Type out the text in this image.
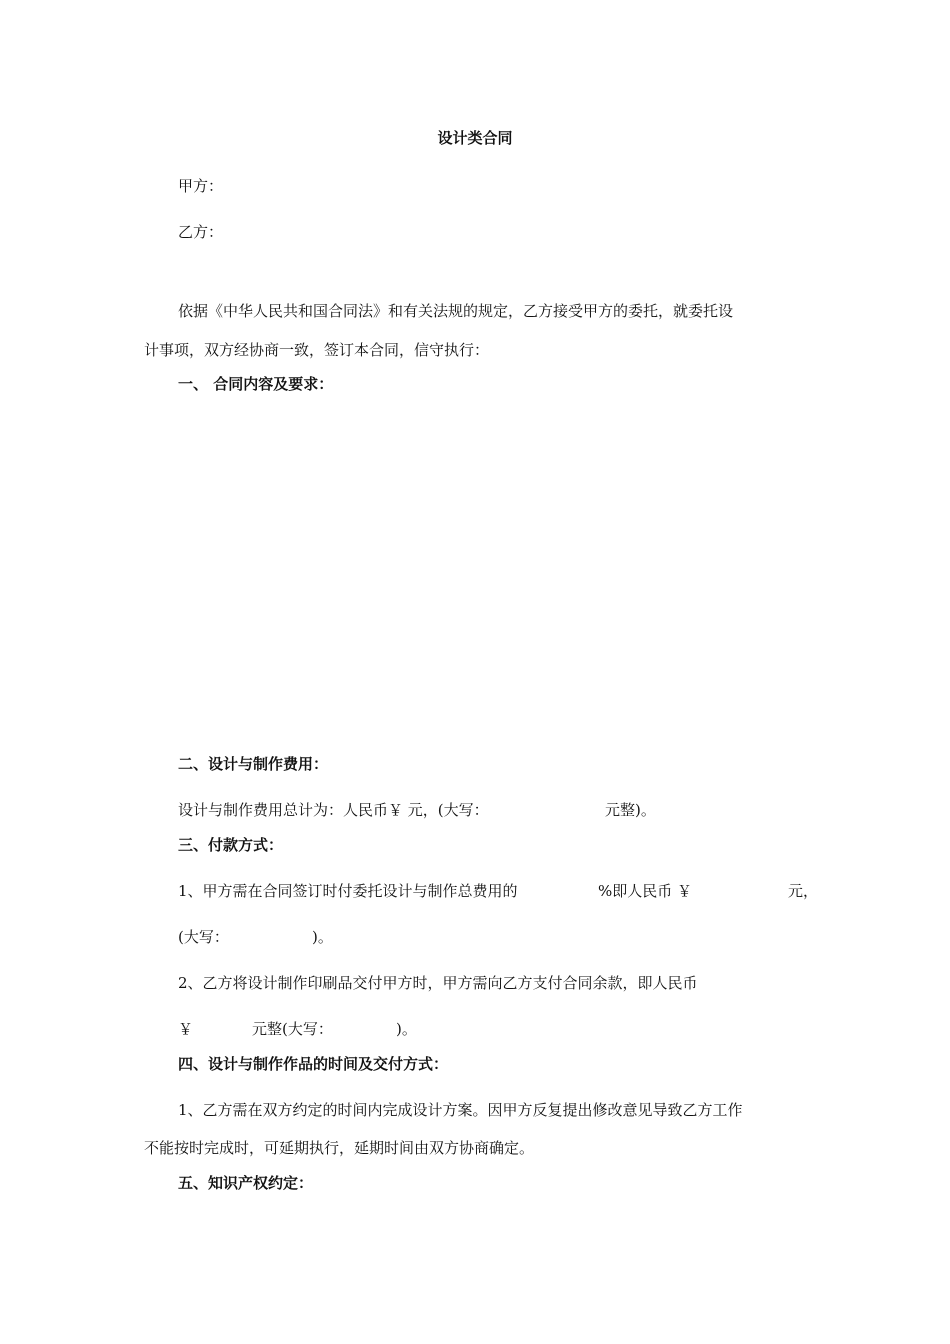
设计类合同
甲方：
乙方：
依据《中华人民共和国合同法》和有关法规的规定，乙方接受甲方的委托，就委托设
计事项，双方经协商一致，签订本合同，信守执行：
一、 合同内容及要求：
二、设计与制作费用：
设计与制作费用总计为：人民币￥ 元，(大写：	元整)。
三、付款方式：
1、甲方需在合同签订时付委托设计与制作总费用的	%即人民币 ￥	元，
(大写：	)。
2、乙方将设计制作印刷品交付甲方时，甲方需向乙方支付合同余款，即人民币
￥	元整(大写：	)。
四、设计与制作作品的时间及交付方式：
1、乙方需在双方约定的时间内完成设计方案。因甲方反复提出修改意见导致乙方工作
不能按时完成时，可延期执行，延期时间由双方协商确定。
五、知识产权约定：
